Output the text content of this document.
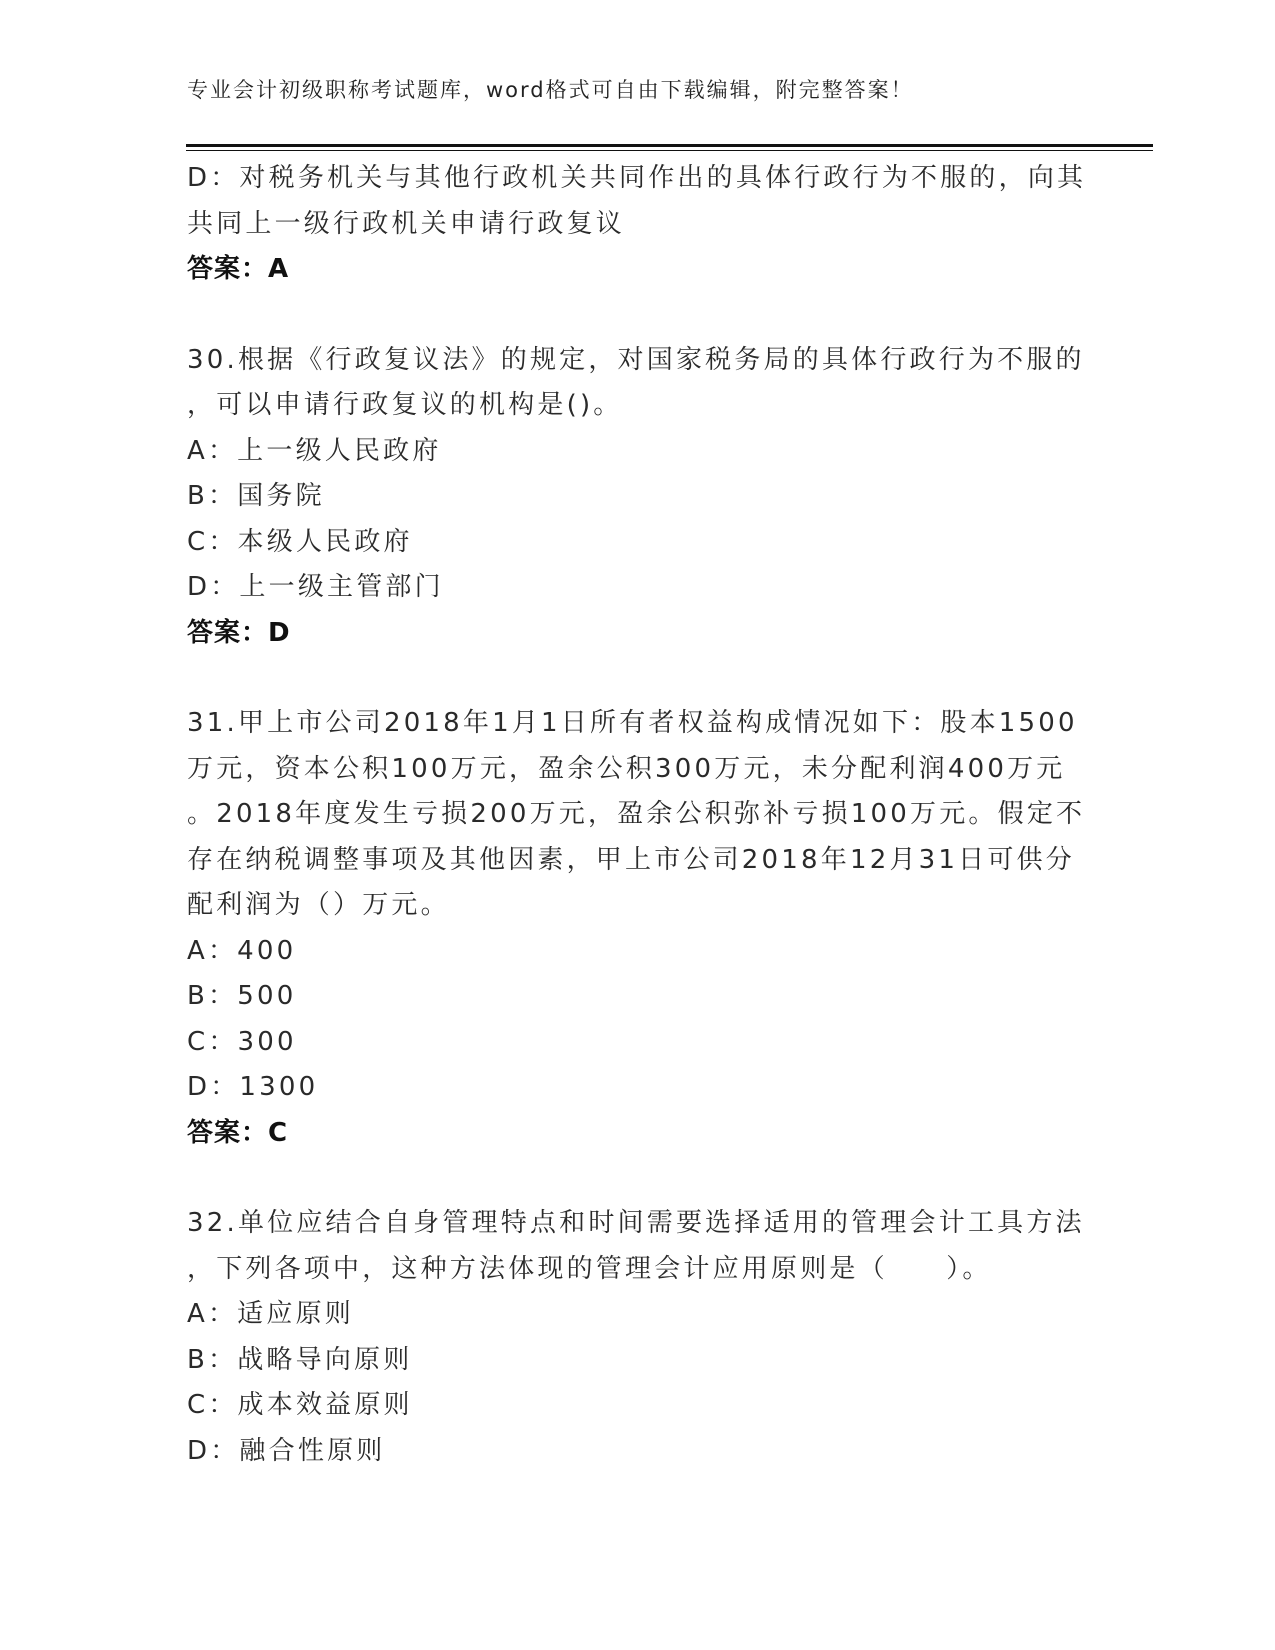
专业会计初级职称考试题库，word格式可自由下载编辑，附完整答案！
D：对税务机关与其他行政机关共同作出的具体行政行为不服的，向其
共同上一级行政机关申请行政复议
答案：A
30.根据《行政复议法》的规定，对国家税务局的具体行政行为不服的
，可以申请行政复议的机构是()。
A：上一级人民政府
B：国务院
C：本级人民政府
D：上一级主管部门
答案：D
31.甲上市公司2018年1月1日所有者权益构成情况如下：股本1500
万元，资本公积100万元，盈余公积300万元，未分配利润400万元
。2018年度发生亏损200万元，盈余公积弥补亏损100万元。假定不
存在纳税调整事项及其他因素，甲上市公司2018年12月31日可供分
配利润为（）万元。
A：400
B：500
C：300
D：1300
答案：C
32.单位应结合自身管理特点和时间需要选择适用的管理会计工具方法
，下列各项中，这种方法体现的管理会计应用原则是（　　）。
A：适应原则
B：战略导向原则
C：成本效益原则
D：融合性原则
